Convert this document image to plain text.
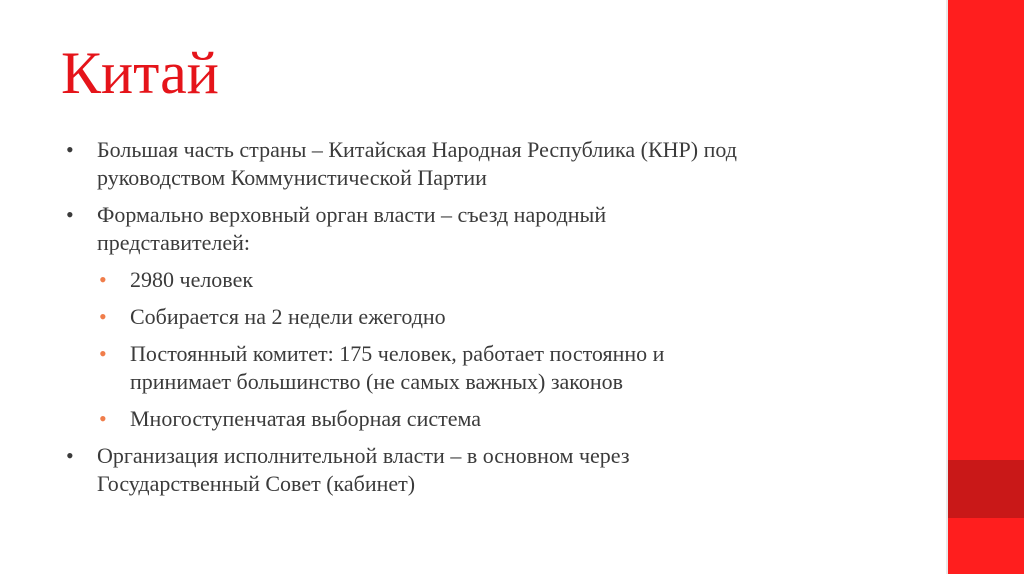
Китай

• Большая часть страны – Китайская Народная Республика (КНР) под
руководством Коммунистической Партии

• Формально верховный орган власти – съезд народный
представителей:

• 2980 человек

• Собирается на 2 недели ежегодно

• Постоянный комитет: 175 человек, работает постоянно и
принимает большинство (не самых важных) законов

• Многоступенчатая выборная система

• Организация исполнительной власти – в основном через
Государственный Совет (кабинет)
